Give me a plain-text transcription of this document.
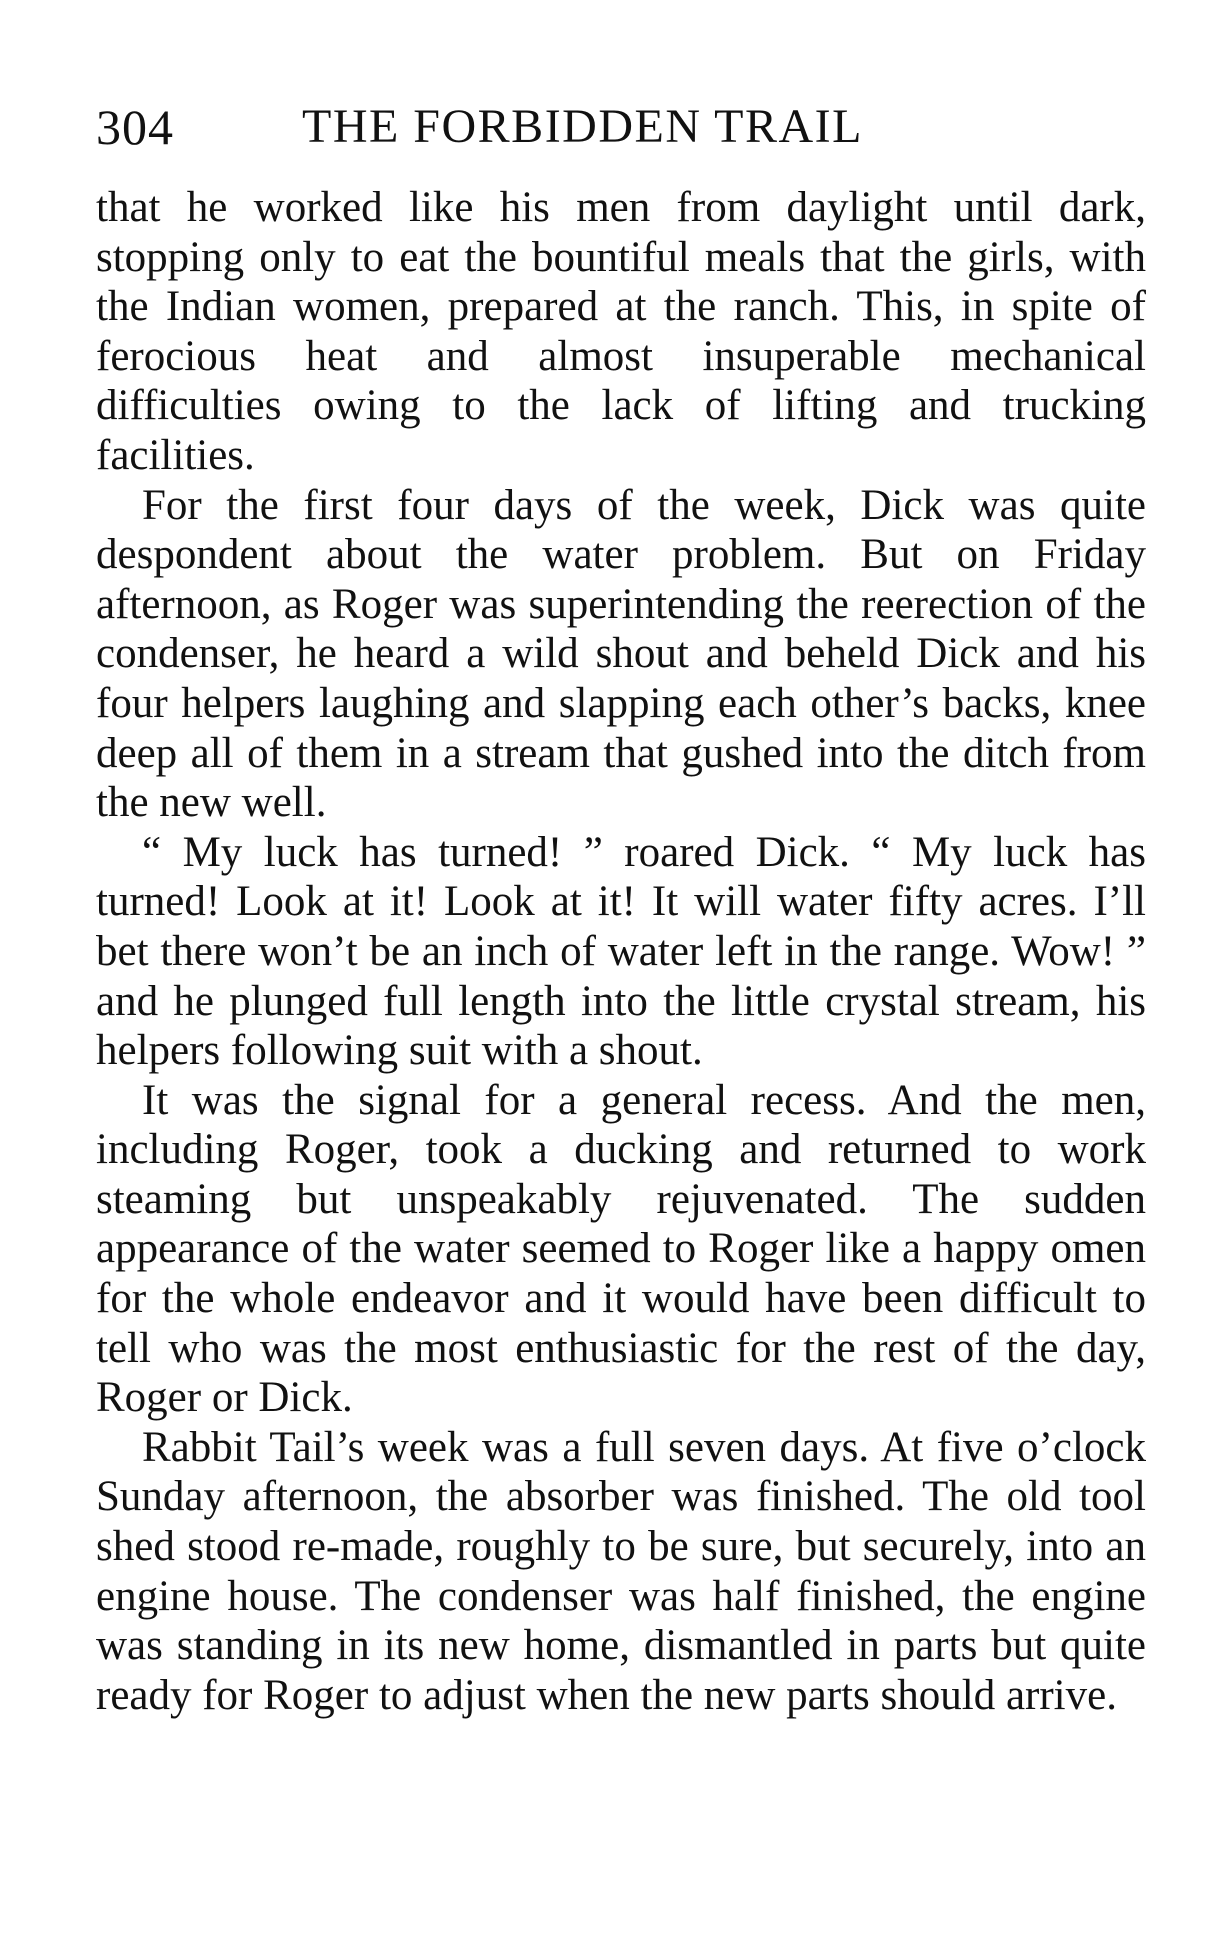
304	THE FORBIDDEN TRAIL

that he worked like his men from daylight until dark, stopping only to eat the bountiful meals that the girls, with the Indian women, prepared at the ranch. This, in spite of ferocious heat and almost insuperable mechanical difficulties owing to the lack of lifting and trucking facilities.

For the first four days of the week, Dick was quite despondent about the water problem. But on Friday afternoon, as Roger was superintending the reerection of the condenser, he heard a wild shout and beheld Dick and his four helpers laughing and slapping each other’s backs, knee deep all of them in a stream that gushed into the ditch from the new well.

“ My luck has turned! ” roared Dick. “ My luck has turned! Look at it! Look at it! It will water fifty acres. I’ll bet there won’t be an inch of water left in the range. Wow! ” and he plunged full length into the little crystal stream, his helpers following suit with a shout.

It was the signal for a general recess. And the men, including Roger, took a ducking and returned to work steaming but unspeakably rejuvenated. The sudden appearance of the water seemed to Roger like a happy omen for the whole endeavor and it would have been difficult to tell who was the most enthusiastic for the rest of the day, Roger or Dick.

Rabbit Tail’s week was a full seven days. At five o’clock Sunday afternoon, the absorber was finished. The old tool shed stood re-made, roughly to be sure, but securely, into an engine house. The condenser was half finished, the engine was standing in its new home, dismantled in parts but quite ready for Roger to adjust when the new parts should arrive.
